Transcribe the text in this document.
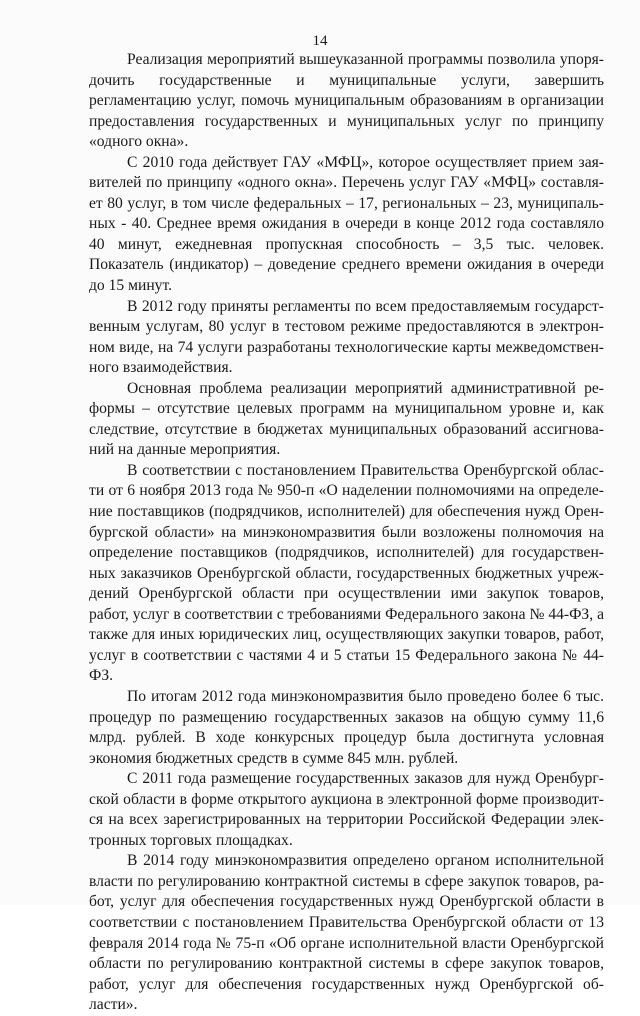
14

Реализация мероприятий вышеуказанной программы позволила упорядочить государственные и муниципальные услуги, завершить регламентацию услуг, помочь муниципальным образованиям в организации предоставления государственных и муниципальных услуг по принципу «одного окна».

С 2010 года действует ГАУ «МФЦ», которое осуществляет прием заявителей по принципу «одного окна». Перечень услуг ГАУ «МФЦ» составляет 80 услуг, в том числе федеральных – 17, региональных – 23, муниципальных - 40. Среднее время ожидания в очереди в конце 2012 года составляло 40 минут, ежедневная пропускная способность – 3,5 тыс. человек. Показатель (индикатор) – доведение среднего времени ожидания в очереди до 15 минут.

В 2012 году приняты регламенты по всем предоставляемым государственным услугам, 80 услуг в тестовом режиме предоставляются в электронном виде, на 74 услуги разработаны технологические карты межведомственного взаимодействия.

Основная проблема реализации мероприятий административной реформы – отсутствие целевых программ на муниципальном уровне и, как следствие, отсутствие в бюджетах муниципальных образований ассигнований на данные мероприятия.

В соответствии с постановлением Правительства Оренбургской области от 6 ноября 2013 года № 950-п «О наделении полномочиями на определение поставщиков (подрядчиков, исполнителей) для обеспечения нужд Оренбургской области» на минэкономразвития были возложены полномочия на определение поставщиков (подрядчиков, исполнителей) для государственных заказчиков Оренбургской области, государственных бюджетных учреждений Оренбургской области при осуществлении ими закупок товаров, работ, услуг в соответствии с требованиями Федерального закона № 44-ФЗ, а также для иных юридических лиц, осуществляющих закупки товаров, работ, услуг в соответствии с частями 4 и 5 статьи 15 Федерального закона № 44-ФЗ.

По итогам 2012 года минэкономразвития было проведено более 6 тыс. процедур по размещению государственных заказов на общую сумму 11,6 млрд. рублей. В ходе конкурсных процедур была достигнута условная экономия бюджетных средств в сумме 845 млн. рублей.

С 2011 года размещение государственных заказов для нужд Оренбургской области в форме открытого аукциона в электронной форме производится на всех зарегистрированных на территории Российской Федерации электронных торговых площадках.

В 2014 году минэкономразвития определено органом исполнительной власти по регулированию контрактной системы в сфере закупок товаров, работ, услуг для обеспечения государственных нужд Оренбургской области в соответствии с постановлением Правительства Оренбургской области от 13 февраля 2014 года № 75-п «Об органе исполнительной власти Оренбургской области по регулированию контрактной системы в сфере закупок товаров, работ, услуг для обеспечения государственных нужд Оренбургской области».
